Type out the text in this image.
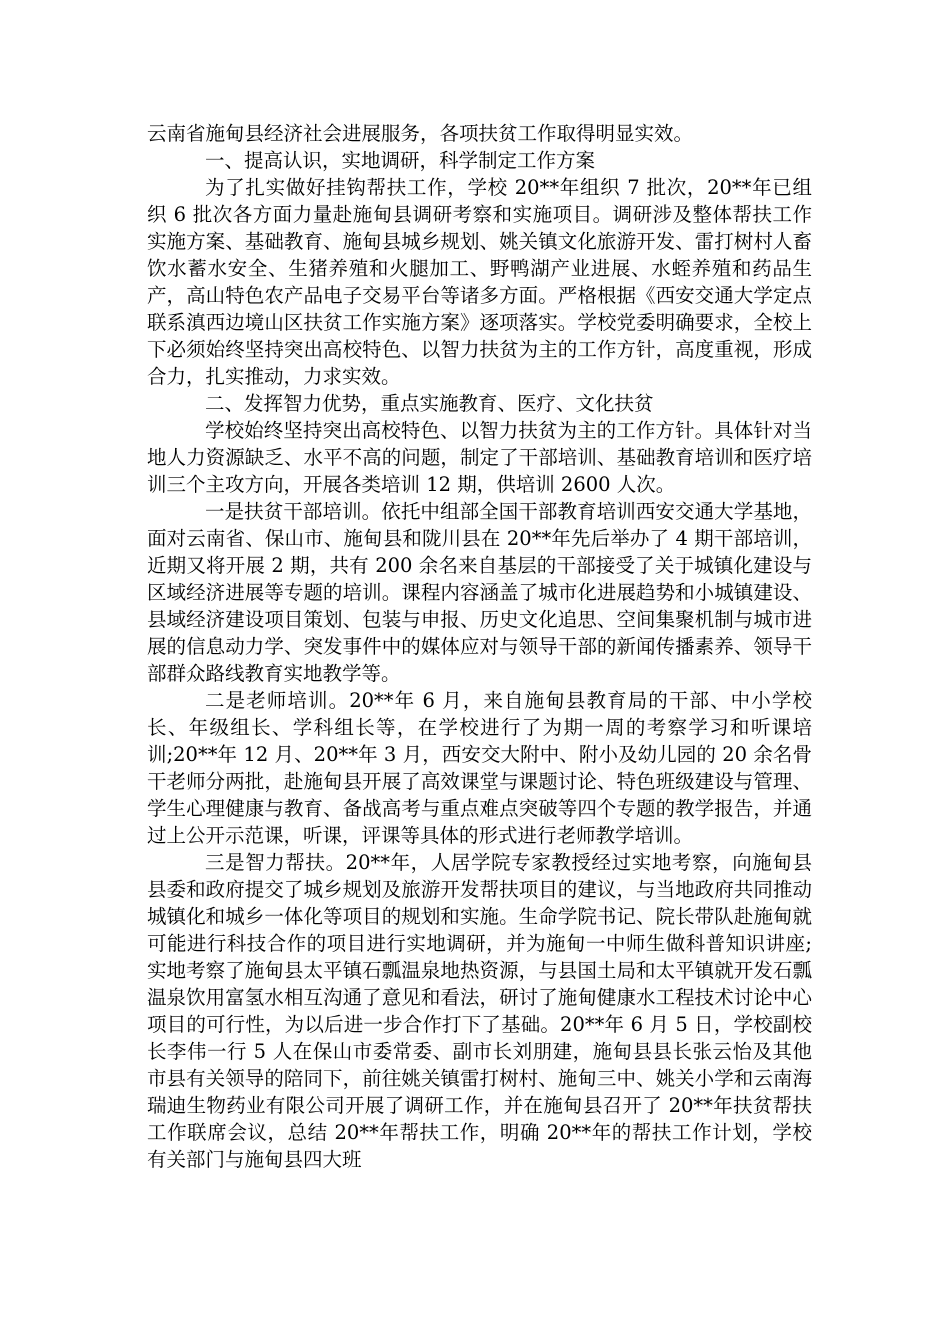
云南省施甸县经济社会进展服务，各项扶贫工作取得明显实效。

一、提高认识，实地调研，科学制定工作方案

为了扎实做好挂钩帮扶工作，学校 20**年组织 7 批次，20**年已组织 6 批次各方面力量赴施甸县调研考察和实施项目。调研涉及整体帮扶工作实施方案、基础教育、施甸县城乡规划、姚关镇文化旅游开发、雷打树村人畜饮水蓄水安全、生猪养殖和火腿加工、野鸭湖产业进展、水蛭养殖和药品生产，高山特色农产品电子交易平台等诸多方面。严格根据《西安交通大学定点联系滇西边境山区扶贫工作实施方案》逐项落实。学校党委明确要求，全校上下必须始终坚持突出高校特色、以智力扶贫为主的工作方针，高度重视，形成合力，扎实推动，力求实效。

二、发挥智力优势，重点实施教育、医疗、文化扶贫

学校始终坚持突出高校特色、以智力扶贫为主的工作方针。具体针对当地人力资源缺乏、水平不高的问题，制定了干部培训、基础教育培训和医疗培训三个主攻方向，开展各类培训 12 期，供培训 2600 人次。

一是扶贫干部培训。依托中组部全国干部教育培训西安交通大学基地，面对云南省、保山市、施甸县和陇川县在 20**年先后举办了 4 期干部培训，近期又将开展 2 期，共有 200 余名来自基层的干部接受了关于城镇化建设与区域经济进展等专题的培训。课程内容涵盖了城市化进展趋势和小城镇建设、县域经济建设项目策划、包装与申报、历史文化追思、空间集聚机制与城市进展的信息动力学、突发事件中的媒体应对与领导干部的新闻传播素养、领导干部群众路线教育实地教学等。

二是老师培训。20**年 6 月，来自施甸县教育局的干部、中小学校长、年级组长、学科组长等，在学校进行了为期一周的考察学习和听课培训;20**年 12 月、20**年 3 月，西安交大附中、附小及幼儿园的 20 余名骨干老师分两批，赴施甸县开展了高效课堂与课题讨论、特色班级建设与管理、学生心理健康与教育、备战高考与重点难点突破等四个专题的教学报告，并通过上公开示范课，听课，评课等具体的形式进行老师教学培训。

三是智力帮扶。20**年，人居学院专家教授经过实地考察，向施甸县县委和政府提交了城乡规划及旅游开发帮扶项目的建议，与当地政府共同推动城镇化和城乡一体化等项目的规划和实施。生命学院书记、院长带队赴施甸就可能进行科技合作的项目进行实地调研，并为施甸一中师生做科普知识讲座;实地考察了施甸县太平镇石瓢温泉地热资源，与县国土局和太平镇就开发石瓢温泉饮用富氢水相互沟通了意见和看法，研讨了施甸健康水工程技术讨论中心项目的可行性，为以后进一步合作打下了基础。20**年 6 月 5 日，学校副校长李伟一行 5 人在保山市委常委、副市长刘朋建，施甸县县长张云怡及其他市县有关领导的陪同下，前往姚关镇雷打树村、施甸三中、姚关小学和云南海瑞迪生物药业有限公司开展了调研工作，并在施甸县召开了 20**年扶贫帮扶工作联席会议，总结 20**年帮扶工作，明确 20**年的帮扶工作计划，学校有关部门与施甸县四大班
